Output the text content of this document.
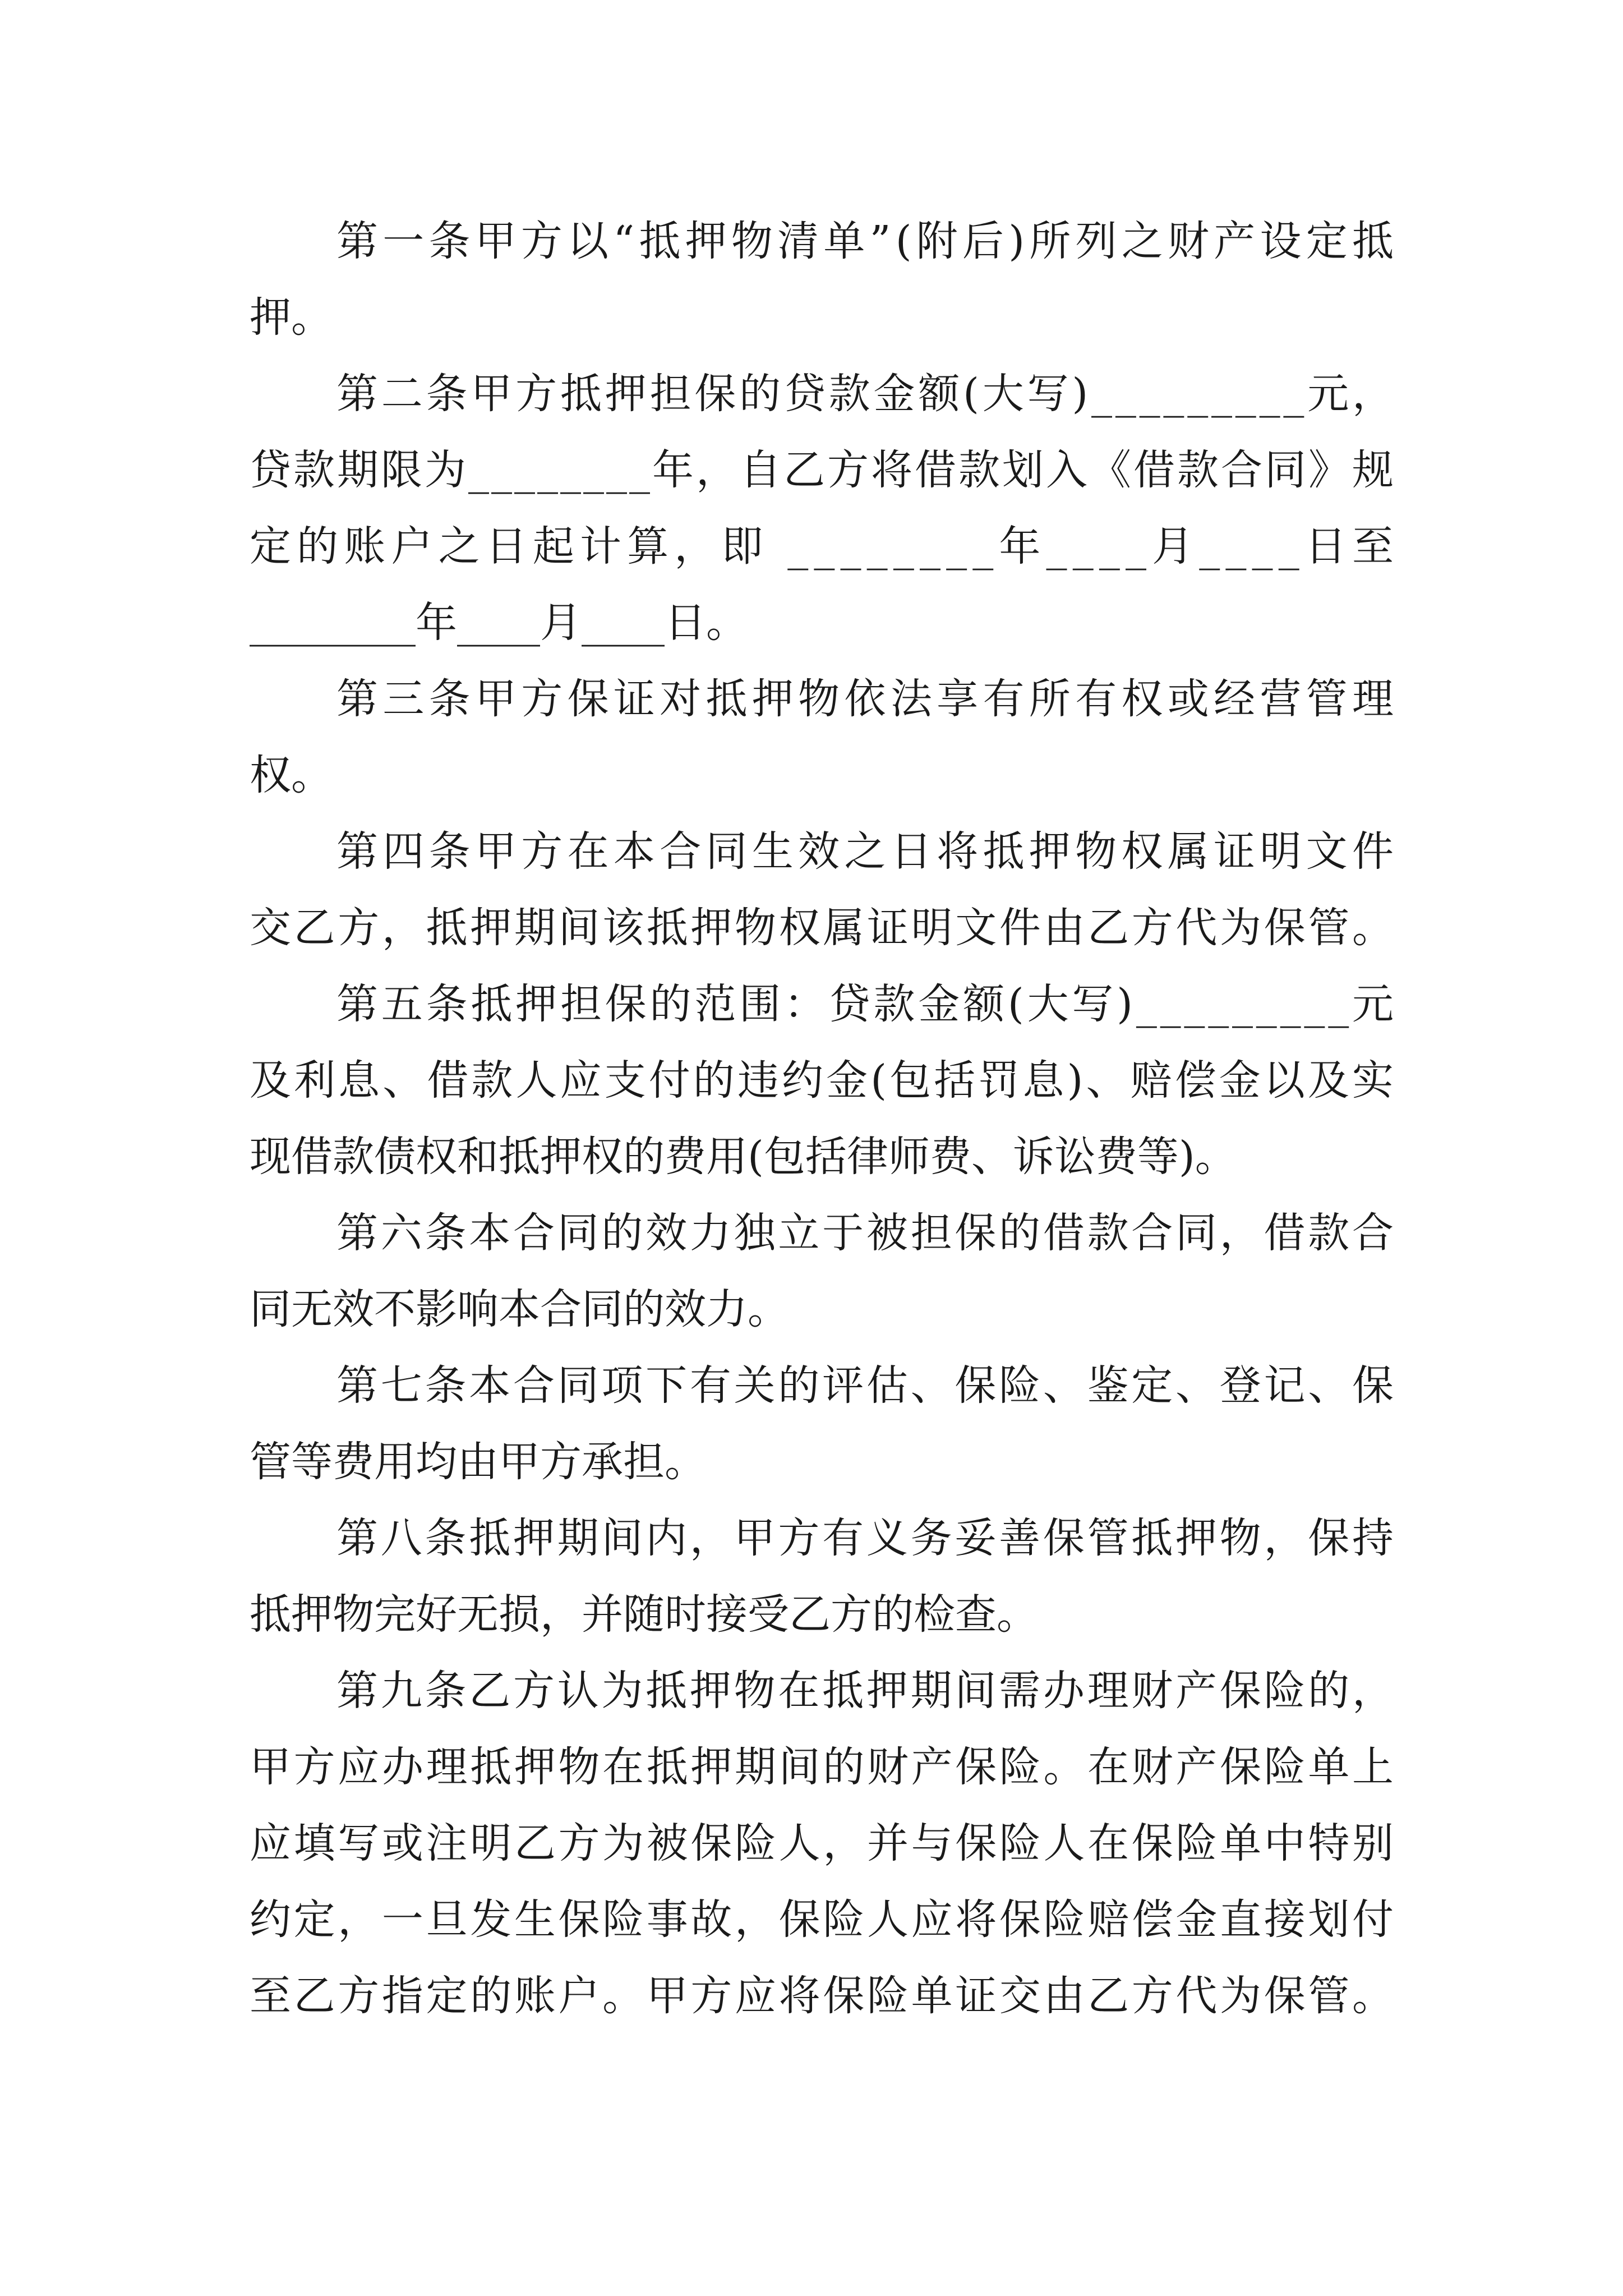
第一条甲方以“抵押物清单”(附后)所列之财产设定抵
押。
第二条甲方抵押担保的贷款金额(大写)_________元，
贷款期限为________年，自乙方将借款划入《借款合同》规
定的账户之日起计算，即 ________年____月____日至
________年____月____日。
第三条甲方保证对抵押物依法享有所有权或经营管理
权。
第四条甲方在本合同生效之日将抵押物权属证明文件
交乙方，抵押期间该抵押物权属证明文件由乙方代为保管。
第五条抵押担保的范围：贷款金额(大写)_________元
及利息、借款人应支付的违约金(包括罚息)、赔偿金以及实
现借款债权和抵押权的费用(包括律师费、诉讼费等)。
第六条本合同的效力独立于被担保的借款合同，借款合
同无效不影响本合同的效力。
第七条本合同项下有关的评估、保险、鉴定、登记、保
管等费用均由甲方承担。
第八条抵押期间内，甲方有义务妥善保管抵押物，保持
抵押物完好无损，并随时接受乙方的检查。
第九条乙方认为抵押物在抵押期间需办理财产保险的，
甲方应办理抵押物在抵押期间的财产保险。在财产保险单上
应填写或注明乙方为被保险人，并与保险人在保险单中特别
约定，一旦发生保险事故，保险人应将保险赔偿金直接划付
至乙方指定的账户。甲方应将保险单证交由乙方代为保管。
